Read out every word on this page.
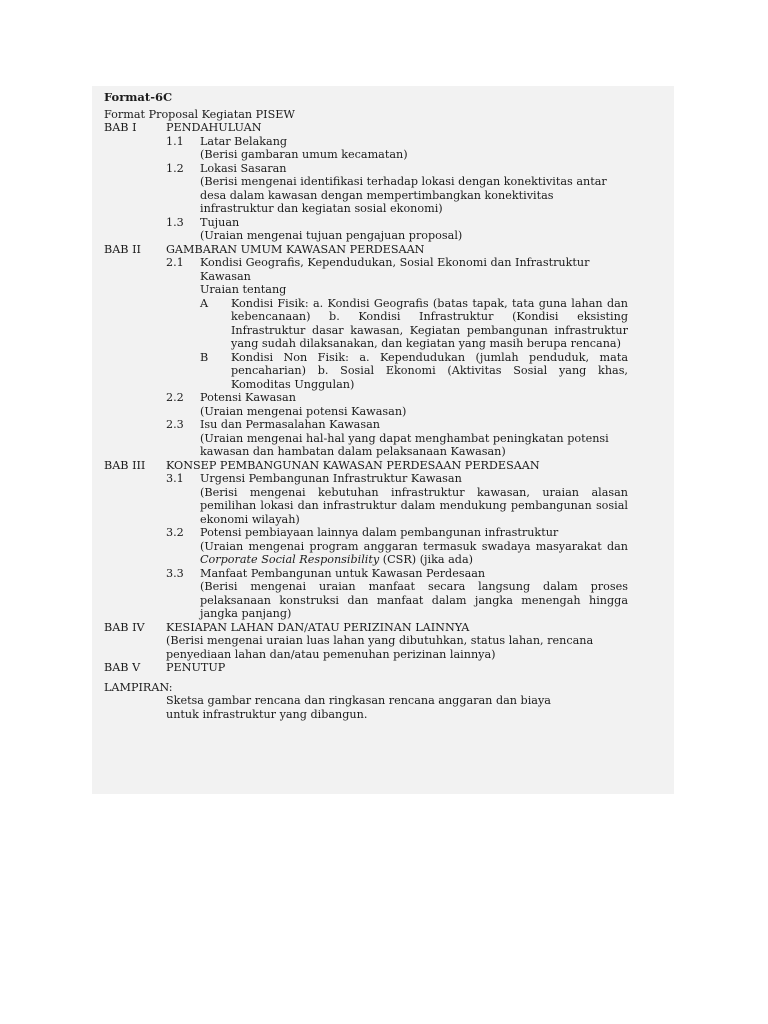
Format-6C
Format Proposal Kegiatan PISEW
BAB I	PENDAHULUAN
1.1	Latar Belakang
(Berisi gambaran umum kecamatan)
1.2	Lokasi Sasaran
(Berisi mengenai identifikasi terhadap lokasi dengan konektivitas antar desa dalam kawasan dengan mempertimbangkan konektivitas infrastruktur dan kegiatan sosial ekonomi)
1.3	Tujuan
(Uraian mengenai tujuan pengajuan proposal)
BAB II	GAMBARAN UMUM KAWASAN PERDESAAN
2.1	Kondisi Geografis, Kependudukan, Sosial Ekonomi dan Infrastruktur Kawasan
Uraian tentang
A	Kondisi Fisik: a. Kondisi Geografis (batas tapak, tata guna lahan dan kebencanaan) b. Kondisi Infrastruktur (Kondisi eksisting Infrastruktur dasar kawasan, Kegiatan pembangunan infrastruktur yang sudah dilaksanakan, dan kegiatan yang masih berupa rencana)
B	Kondisi Non Fisik: a. Kependudukan (jumlah penduduk, mata pencaharian) b. Sosial Ekonomi (Aktivitas Sosial yang khas, Komoditas Unggulan)
2.2	Potensi Kawasan
(Uraian mengenai potensi Kawasan)
2.3	Isu dan Permasalahan Kawasan
(Uraian mengenai hal-hal yang dapat menghambat peningkatan potensi kawasan dan hambatan dalam pelaksanaan Kawasan)
BAB III	KONSEP PEMBANGUNAN KAWASAN PERDESAAN PERDESAAN
3.1	Urgensi Pembangunan Infrastruktur Kawasan
(Berisi mengenai kebutuhan infrastruktur kawasan, uraian alasan pemilihan lokasi dan infrastruktur dalam mendukung pembangunan sosial ekonomi wilayah)
3.2	Potensi pembiayaan lainnya dalam pembangunan infrastruktur
(Uraian mengenai program anggaran termasuk swadaya masyarakat dan Corporate Social Responsibility (CSR) (jika ada)
3.3	Manfaat Pembangunan untuk Kawasan Perdesaan
(Berisi mengenai uraian manfaat secara langsung dalam proses pelaksanaan konstruksi dan manfaat dalam jangka menengah hingga jangka panjang)
BAB IV	KESIAPAN LAHAN DAN/ATAU PERIZINAN LAINNYA
(Berisi mengenai uraian luas lahan yang dibutuhkan, status lahan, rencana penyediaan lahan dan/atau pemenuhan perizinan lainnya)
BAB V	PENUTUP
LAMPIRAN:
Sketsa gambar rencana dan ringkasan rencana anggaran dan biaya untuk infrastruktur yang dibangun.
